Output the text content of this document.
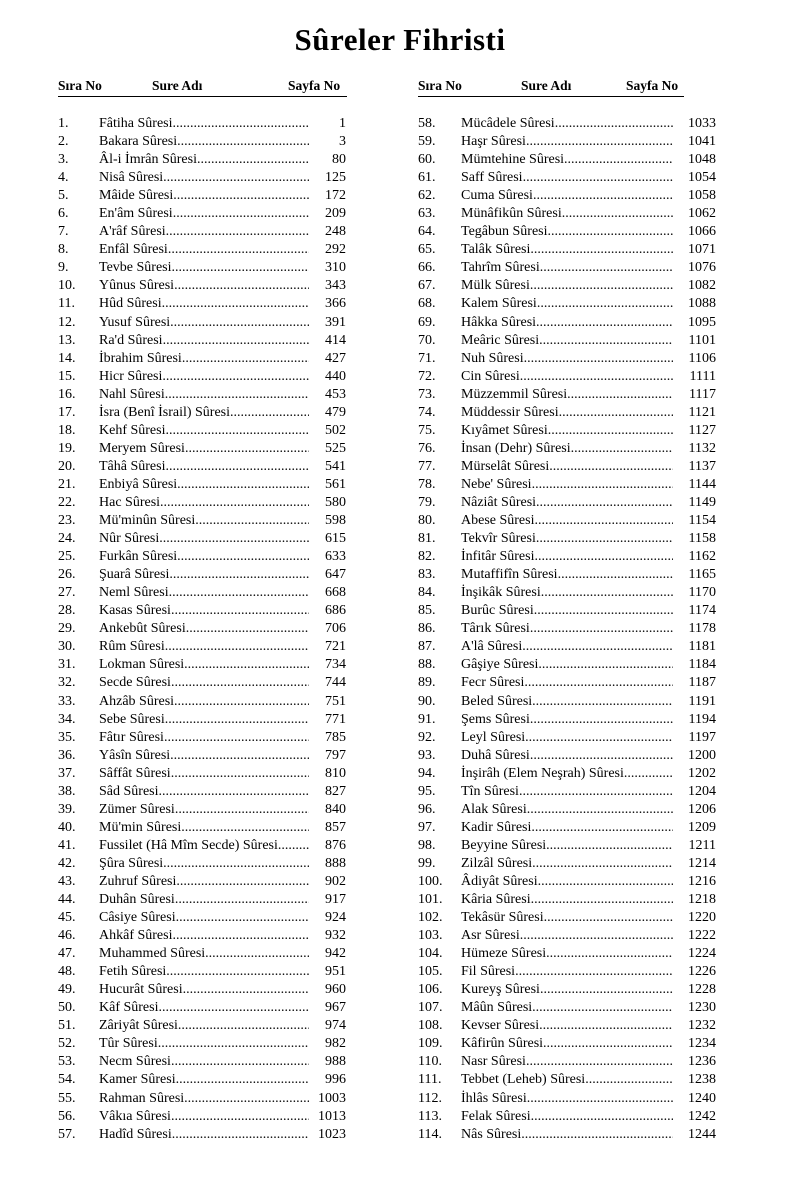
Sûreler Fihristi
Sıra No	Sure Adı	Sayfa No
1. Fâtiha Sûresi .....	1
2. Bakara Sûresi .....	3
3. Âl-i İmrân Sûresi .....	80
4. Nisâ Sûresi .....	125
5. Mâide Sûresi .....	172
6. En'âm Sûresi .....	209
7. A'râf Sûresi .....	248
8. Enfâl Sûresi .....	292
9. Tevbe Sûresi .....	310
10. Yûnus Sûresi .....	343
11. Hûd Sûresi .....	366
12. Yusuf Sûresi .....	391
13. Ra'd Sûresi .....	414
14. İbrahim Sûresi .....	427
15. Hicr Sûresi .....	440
16. Nahl Sûresi .....	453
17. İsra (Benî İsrail) Sûresi .....	479
18. Kehf Sûresi .....	502
19. Meryem Sûresi .....	525
20. Tâhâ Sûresi .....	541
21. Enbiyâ Sûresi .....	561
22. Hac Sûresi .....	580
23. Mü'minûn Sûresi .....	598
24. Nûr Sûresi .....	615
25. Furkân Sûresi .....	633
26. Şuarâ Sûresi .....	647
27. Neml Sûresi .....	668
28. Kasas Sûresi .....	686
29. Ankebût Sûresi .....	706
30. Rûm Sûresi .....	721
31. Lokman Sûresi .....	734
32. Secde Sûresi .....	744
33. Ahzâb Sûresi .....	751
34. Sebe Sûresi .....	771
35. Fâtır Sûresi .....	785
36. Yâsîn Sûresi .....	797
37. Sâffât Sûresi .....	810
38. Sâd Sûresi .....	827
39. Zümer Sûresi .....	840
40. Mü'min Sûresi .....	857
41. Fussilet (Hâ Mîm Secde) Sûresi .....	876
42. Şûra Sûresi .....	888
43. Zuhruf Sûresi .....	902
44. Duhân Sûresi .....	917
45. Câsiye Sûresi .....	924
46. Ahkâf Sûresi .....	932
47. Muhammed Sûresi .....	942
48. Fetih Sûresi .....	951
49. Hucurât Sûresi .....	960
50. Kâf Sûresi .....	967
51. Zâriyât Sûresi .....	974
52. Tûr Sûresi .....	982
53. Necm Sûresi .....	988
54. Kamer Sûresi .....	996
55. Rahman Sûresi .....	1003
56. Vâkıa Sûresi .....	1013
57. Hadîd Sûresi .....	1023
Sıra No	Sure Adı	Sayfa No
58. Mücâdele Sûresi .....	1033
59. Haşr Sûresi .....	1041
60. Mümtehine Sûresi .....	1048
61. Saff Sûresi .....	1054
62. Cuma Sûresi .....	1058
63. Münâfikûn Sûresi .....	1062
64. Tegâbun Sûresi .....	1066
65. Talâk Sûresi .....	1071
66. Tahrîm Sûresi .....	1076
67. Mülk Sûresi .....	1082
68. Kalem Sûresi .....	1088
69. Hâkka Sûresi .....	1095
70. Meâric Sûresi .....	1101
71. Nuh Sûresi .....	1106
72. Cin Sûresi .....	1111
73. Müzzemmil Sûresi .....	1117
74. Müddessir Sûresi .....	1121
75. Kıyâmet Sûresi .....	1127
76. İnsan (Dehr) Sûresi .....	1132
77. Mürselât Sûresi .....	1137
78. Nebe' Sûresi .....	1144
79. Nâziât Sûresi .....	1149
80. Abese Sûresi .....	1154
81. Tekvîr Sûresi .....	1158
82. İnfitâr Sûresi .....	1162
83. Mutaffifîn Sûresi .....	1165
84. İnşikâk Sûresi .....	1170
85. Burûc Sûresi .....	1174
86. Târık Sûresi .....	1178
87. A'lâ Sûresi .....	1181
88. Gâşiye Sûresi .....	1184
89. Fecr Sûresi .....	1187
90. Beled Sûresi .....	1191
91. Şems Sûresi .....	1194
92. Leyl Sûresi .....	1197
93. Duhâ Sûresi .....	1200
94. İnşirâh (Elem Neşrah) Sûresi .....	1202
95. Tîn Sûresi .....	1204
96. Alak Sûresi .....	1206
97. Kadir Sûresi .....	1209
98. Beyyine Sûresi .....	1211
99. Zilzâl Sûresi .....	1214
100. Âdiyât Sûresi .....	1216
101. Kâria Sûresi .....	1218
102. Tekâsür Sûresi .....	1220
103. Asr Sûresi .....	1222
104. Hümeze Sûresi .....	1224
105. Fil Sûresi .....	1226
106. Kureyş Sûresi .....	1228
107. Mâûn Sûresi .....	1230
108. Kevser Sûresi .....	1232
109. Kâfirûn Sûresi .....	1234
110. Nasr Sûresi .....	1236
111. Tebbet (Leheb) Sûresi .....	1238
112. İhlâs Sûresi .....	1240
113. Felak Sûresi .....	1242
114. Nâs Sûresi .....	1244
